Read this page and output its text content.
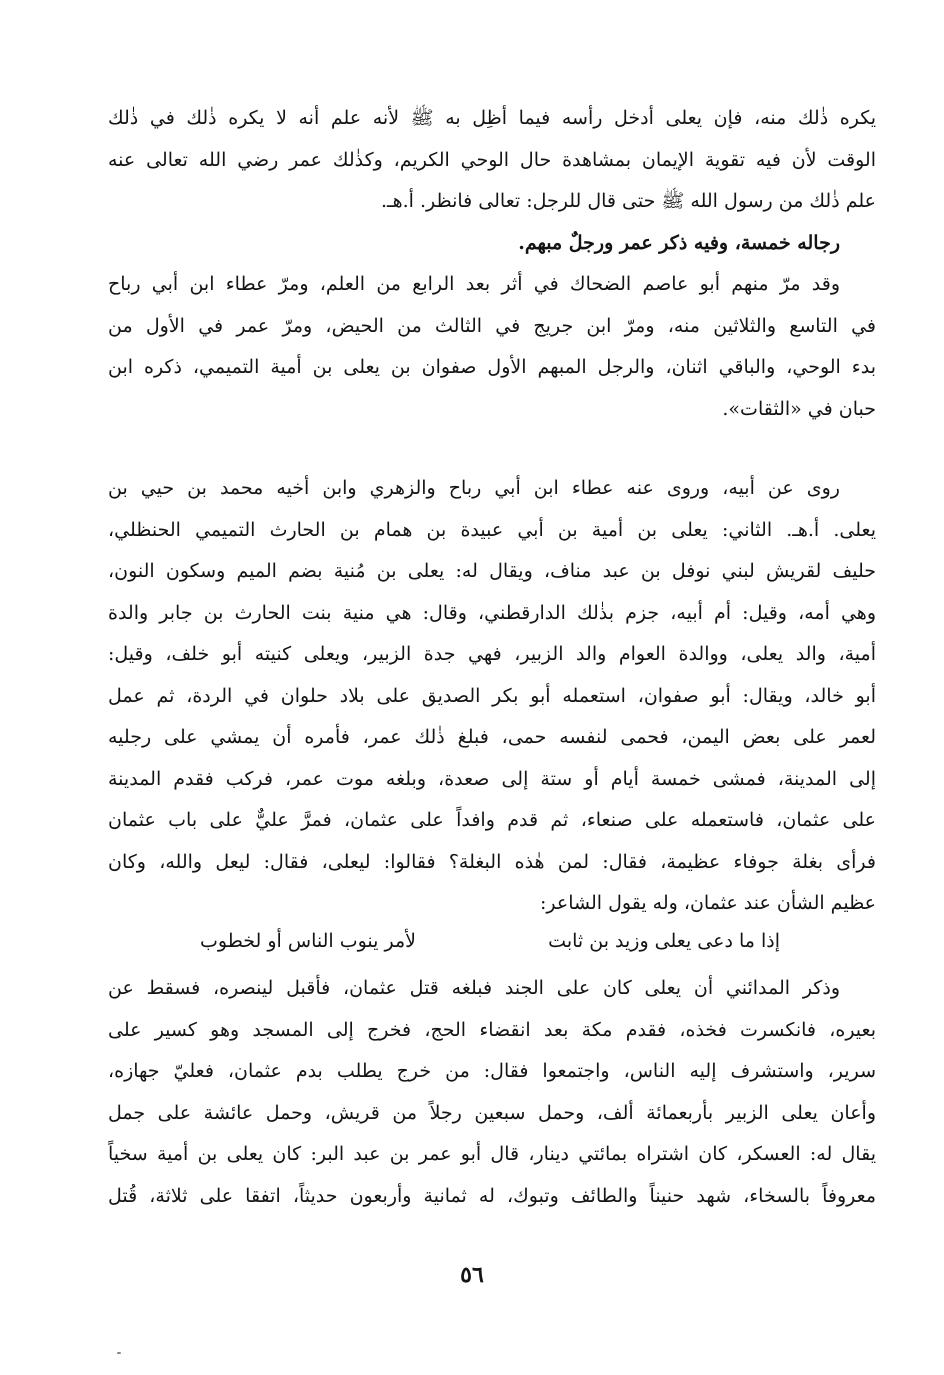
يكره ذٰلك منه، فإن يعلى أدخل رأسه فيما أظِل به ﷺ لأنه علم أنه لا يكره ذٰلك في ذٰلك
الوقت لأن فيه تقوية الإيمان بمشاهدة حال الوحي الكريم، وكذٰلك عمر رضي الله تعالى عنه
علم ذٰلك من رسول الله ﷺ حتى قال للرجل: تعالى فانظر. أ.هـ.
رجاله خمسة، وفيه ذكر عمر ورجلٌ مبهم.
وقد مرّ منهم أبو عاصم الضحاك في أثر بعد الرابع من العلم، ومرّ عطاء ابن أبي رباح
في التاسع والثلاثين منه، ومرّ ابن جريج في الثالث من الحيض، ومرّ عمر في الأول من
بدء الوحي، والباقي اثنان، والرجل المبهم الأول صفوان بن يعلى بن أمية التميمي، ذكره ابن
حبان في «الثقات».
روى عن أبيه، وروى عنه عطاء ابن أبي رباح والزهري وابن أخيه محمد بن حيي بن
يعلى. أ.هـ. الثاني: يعلى بن أمية بن أبي عبيدة بن همام بن الحارث التميمي الحنظلي،
حليف لقريش لبني نوفل بن عبد مناف، ويقال له: يعلى بن مُنية بضم الميم وسكون النون،
وهي أمه، وقيل: أم أبيه، جزم بذٰلك الدارقطني، وقال: هي منية بنت الحارث بن جابر والدة
أمية، والد يعلى، ووالدة العوام والد الزبير، فهي جدة الزبير، ويعلى كنيته أبو خلف، وقيل:
أبو خالد، ويقال: أبو صفوان، استعمله أبو بكر الصديق على بلاد حلوان في الردة، ثم عمل
لعمر على بعض اليمن، فحمى لنفسه حمى، فبلغ ذٰلك عمر، فأمره أن يمشي على رجليه
إلى المدينة، فمشى خمسة أيام أو ستة إلى صعدة، وبلغه موت عمر، فركب فقدم المدينة
على عثمان، فاستعمله على صنعاء، ثم قدم وافداً على عثمان، فمرَّ عليٌّ على باب عثمان
فرأى بغلة جوفاء عظيمة، فقال: لمن هٰذه البغلة؟ فقالوا: ليعلى، فقال: ليعل والله، وكان
عظيم الشأن عند عثمان، وله يقول الشاعر:
إذا ما دعى يعلى وزيد بن ثابت
لأمر ينوب الناس أو لخطوب
وذكر المدائني أن يعلى كان على الجند فبلغه قتل عثمان، فأقبل لينصره، فسقط عن
بعيره، فانكسرت فخذه، فقدم مكة بعد انقضاء الحج، فخرج إلى المسجد وهو كسير على
سرير، واستشرف إليه الناس، واجتمعوا فقال: من خرج يطلب بدم عثمان، فعليّ جهازه،
وأعان يعلى الزبير بأربعمائة ألف، وحمل سبعين رجلاً من قريش، وحمل عائشة على جمل
يقال له: العسكر، كان اشتراه بمائتي دينار، قال أبو عمر بن عبد البر: كان يعلى بن أمية سخياً
معروفاً بالسخاء، شهد حنيناً والطائف وتبوك، له ثمانية وأربعون حديثاً، اتفقا على ثلاثة، قُتل
٥٦
